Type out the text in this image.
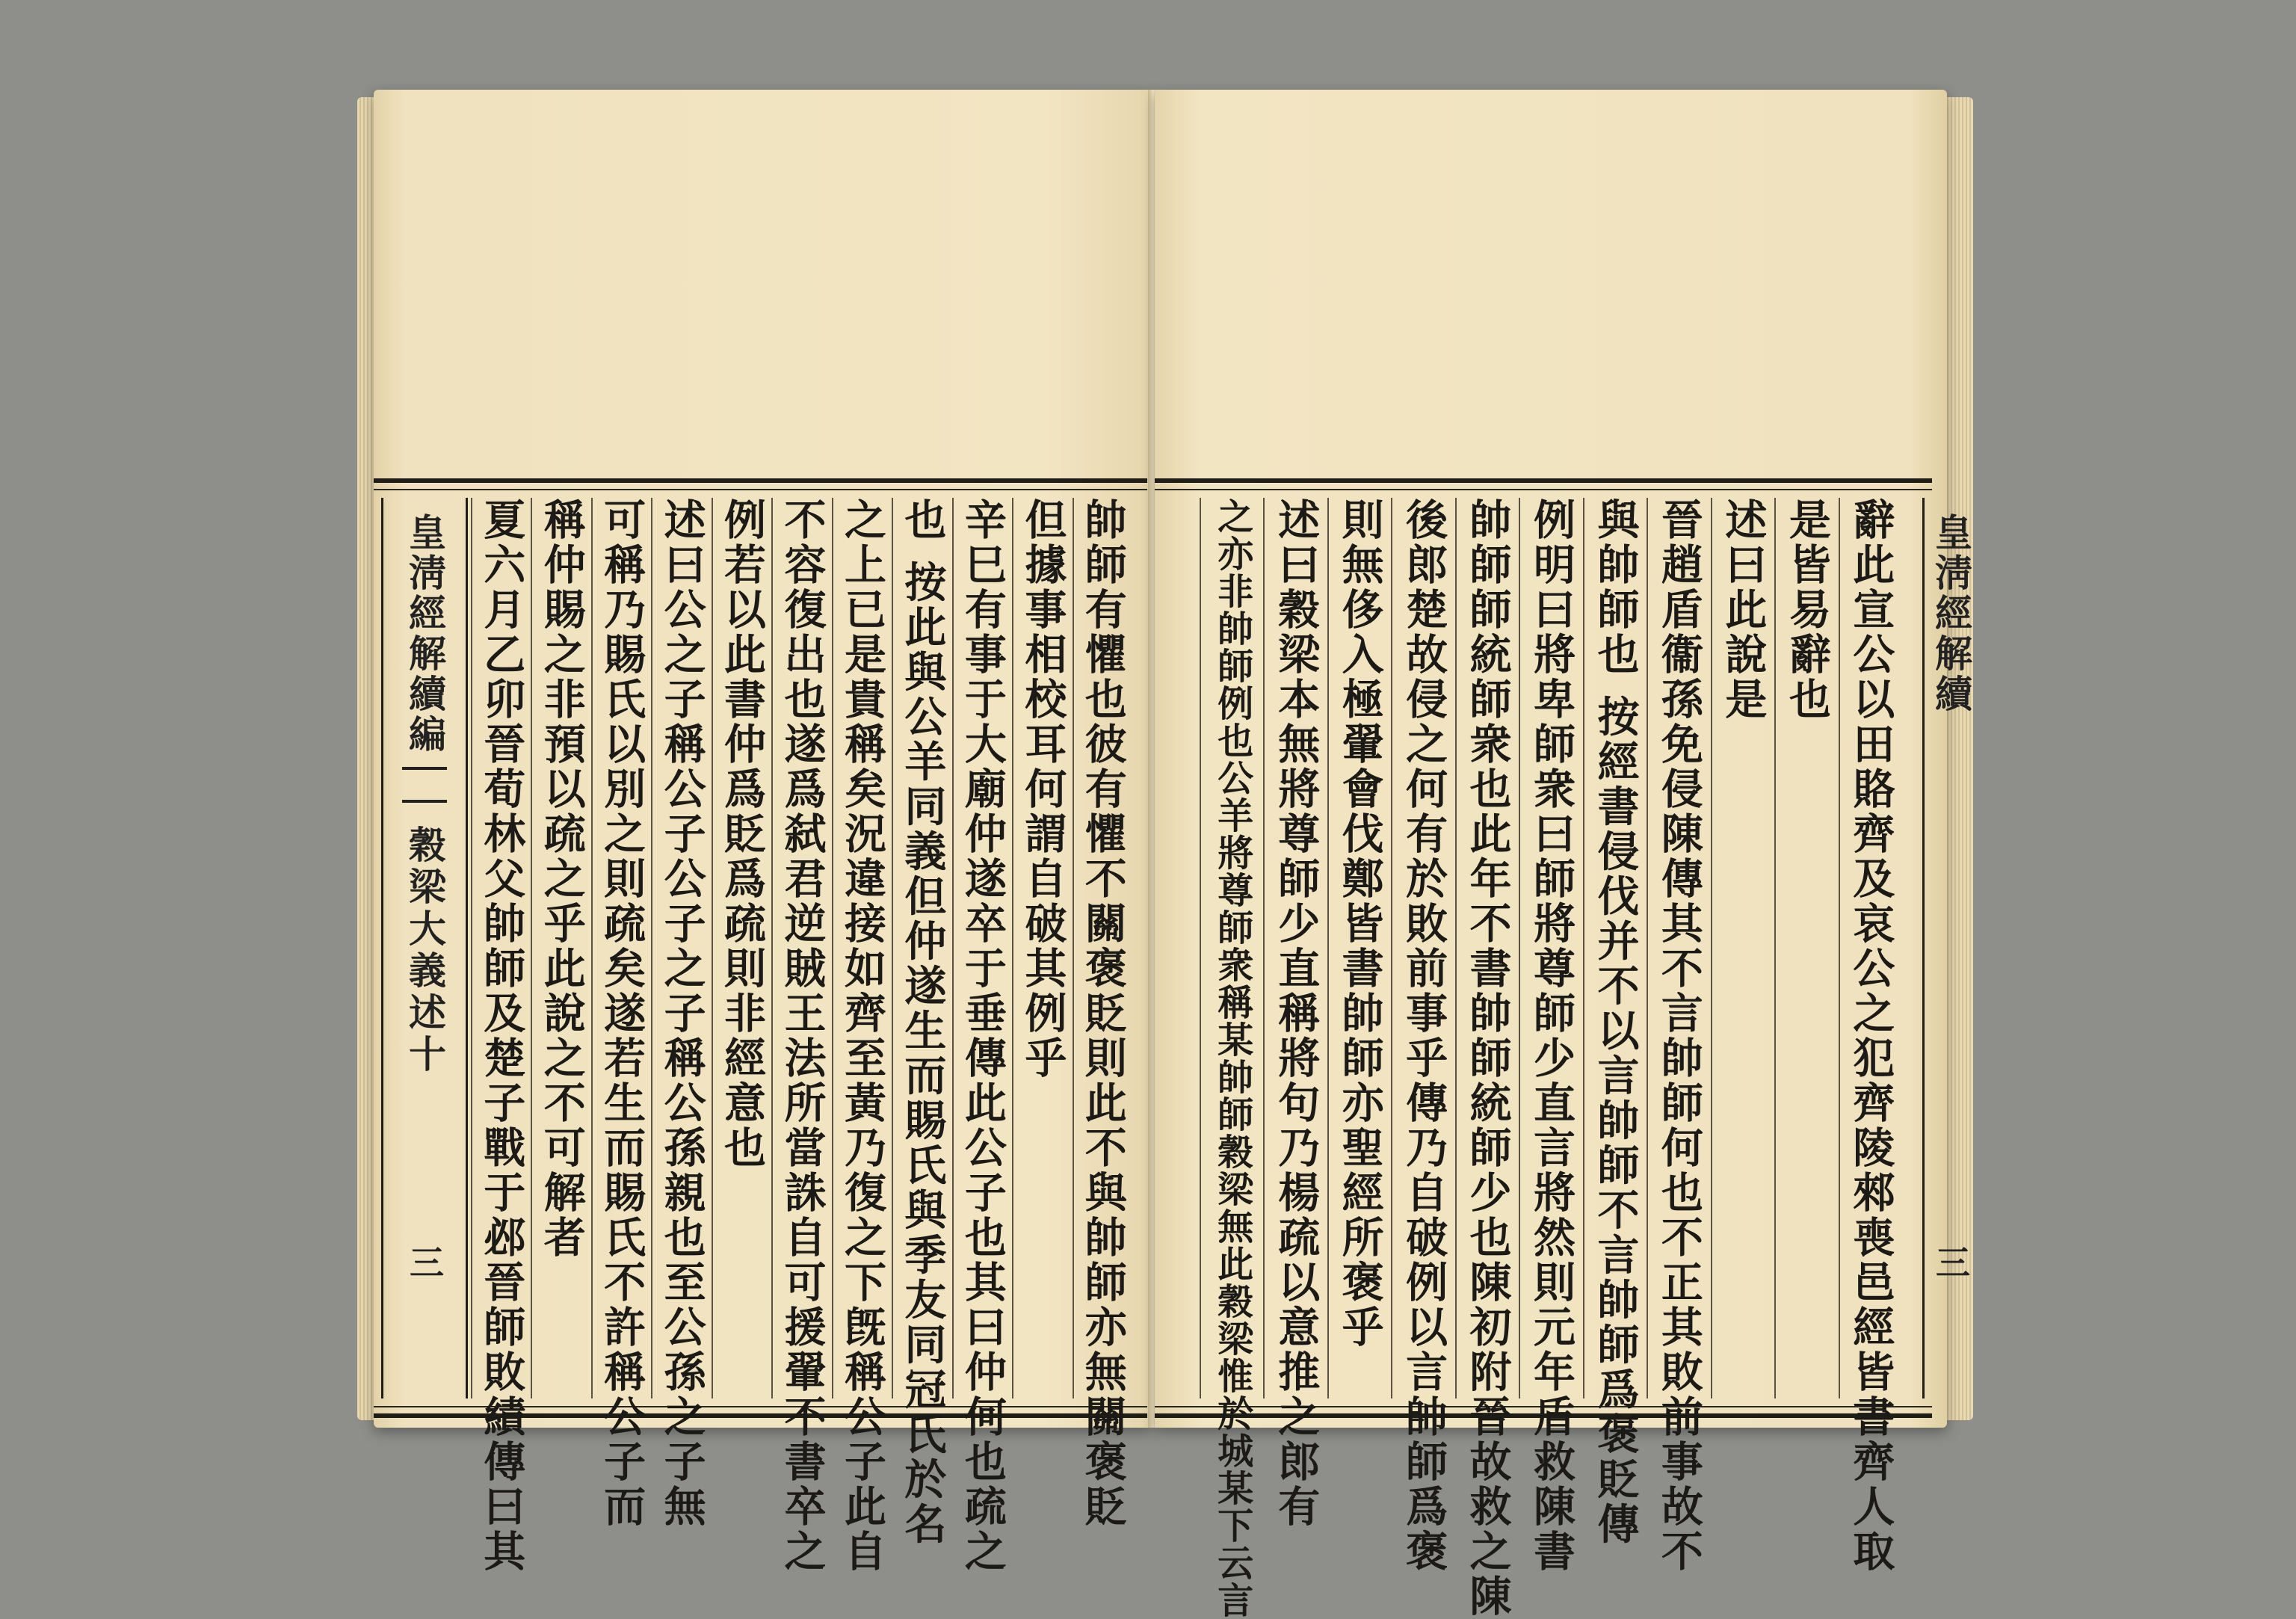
皇淸經解續編
穀梁大義述十
三	帥師有懼也彼有懼不關褒貶則此不與帥師亦無關褒貶
但據事相校耳何謂自破其例乎
辛巳有事于大廟仲遂卒于垂傳此公子也其曰仲何也疏之
也 按此與公羊同義但仲遂生而賜氏與季友同冠氏於名
之上已是貴稱矣況違接如齊至黃乃復之下旣稱公子此自
不容復出也遂爲弑君逆賊王法所當誅自可援翬不書卒之
例若以此書仲爲貶爲疏則非經意也
述曰公之子稱公子公子之子稱公孫親也至公孫之子無
可稱乃賜氏以別之則疏矣遂若生而賜氏不許稱公子而
稱仲賜之非預以疏之乎此說之不可解者
夏六月乙卯晉荀林父帥師及楚子戰于邲晉師敗績傳曰其	皇淸經解續
三
辭此宣公以田賂齊及哀公之犯齊陵郲喪邑經皆書齊人取
是皆易辭也
述曰此說是
晉趙盾衞孫免侵陳傳其不言帥師何也不正其敗前事故不
與帥師也 按經書侵伐并不以言帥師不言帥師爲褒貶傳
例明曰將卑師衆曰師將尊師少直言將然則元年盾救陳書
帥師師統師衆也此年不書帥師統師少也陳初附晉故救之陳
後郎楚故侵之何有於敗前事乎傳乃自破例以言帥師爲褒
則無侈入極翬會伐鄭皆書帥師亦聖經所褒乎
述曰穀梁本無將尊師少直稱將句乃楊疏以意推之郎有
之亦非帥師例也公羊將尊師衆稱某帥師穀梁無此穀梁惟於城某下云言
